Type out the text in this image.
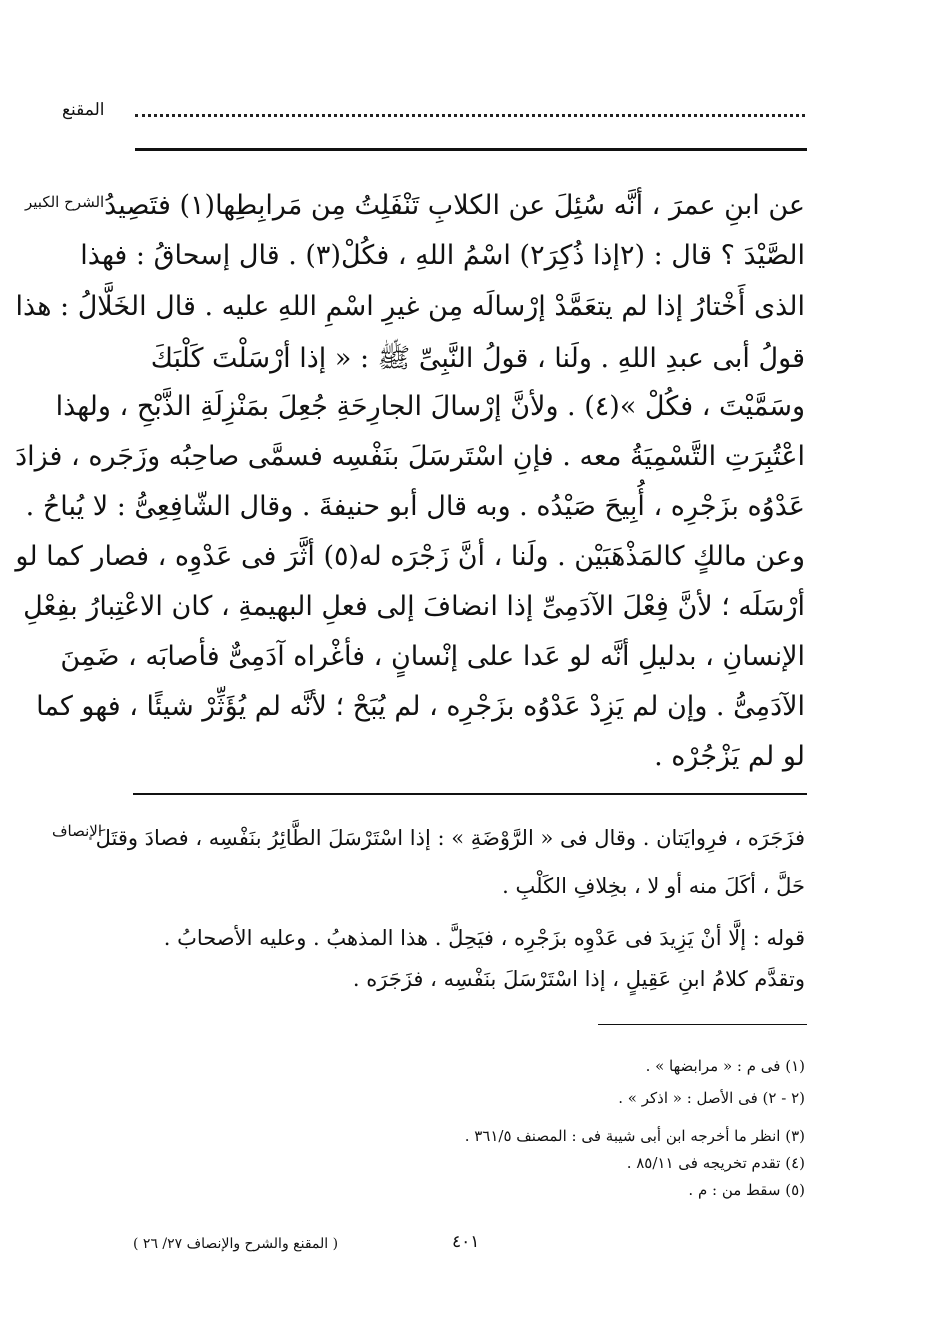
المقنع
الشرح الكبير
الإنصاف
عن ابنِ عمرَ ، أنَّه سُئِلَ عن الكلابِ تَنْفَلِتُ مِن مَرابِطِها(١) فتَصِيدُ
الصَّيْدَ ؟ قال : (٢إذا ذُكِرَ٢) اسْمُ اللهِ ، فكُلْ(٣) . قال إسحاقُ : فهذا
الذى أَخْتارُ إذا لم يتعَمَّدْ إرْسالَه مِن غيرِ اسْمِ اللهِ عليه . قال الخَلَّالُ : هذا
قولُ أبى عبدِ اللهِ . ولَنا ، قولُ النَّبِىِّ ﷺ : « إذا أرْسَلْتَ كَلْبَكَ
وسَمَّيْتَ ، فكُلْ »(٤) . ولأنَّ إرْسالَ الجارِحَةِ جُعِلَ بمَنْزِلَةِ الذَّبْحِ ، ولهذا
اعْتُبِرَتِ التَّسْمِيَةُ معه . فإنِ اسْتَرسَلَ بنَفْسِه فسمَّى صاحِبُه وزَجَره ، فزادَ
عَدْوُه بزَجْرِه ، أُبِيحَ صَيْدُه . وبه قال أبو حنيفةَ . وقال الشّافِعِىُّ : لا يُباحُ .
وعن مالكٍ كالمَذْهَبَيْن . ولَنا ، أنَّ زَجْرَه له(٥) أثَّرَ فى عَدْوِه ، فصار كما لو
أرْسَلَه ؛ لأنَّ فِعْلَ الآدَمِىِّ إذا انضافَ إلى فعلِ البهيمةِ ، كان الاعْتِبارُ بفِعْلِ
الإنسانِ ، بدليلِ أنَّه لو عَدا على إنْسانٍ ، فأغْراه آدَمِىٌّ فأصابَه ، ضَمِنَ
الآدَمِىُّ . وإن لم يَزِدْ عَدْوُه بزَجْرِه ، لم يُبَحْ ؛ لأنَّه لم يُؤَثِّرْ شيئًا ، فهو كما
لو لم يَزْجُرْه .
فزَجَرَه ، فرِوايَتان . وقال فى « الرَّوْضَةِ » : إذا اسْتَرْسَلَ الطَّائِرُ بنَفْسِه ، فصادَ وقتَلَ
حَلَّ ، أكَلَ منه أو لا ، بخِلافِ الكَلْبِ .
قوله : إلَّا أنْ يَزِيدَ فى عَدْوِه بزَجْرِه ، فيَحِلَّ . هذا المذهبُ . وعليه الأصحابُ .
وتقدَّم كلامُ ابنِ عَقِيلٍ ، إذا اسْتَرْسَلَ بنَفْسِه ، فزَجَرَه .
(١) فى م : « مرابضها » .
(٢ - ٢) فى الأصل : « اذكر » .
(٣) انظر ما أخرجه ابن أبى شيبة فى : المصنف ٣٦١/٥ .
(٤) تقدم تخريجه فى ٨٥/١١ .
(٥) سقط من : م .
٤٠١
( المقنع والشرح والإنصاف ٢٧/ ٢٦ )
